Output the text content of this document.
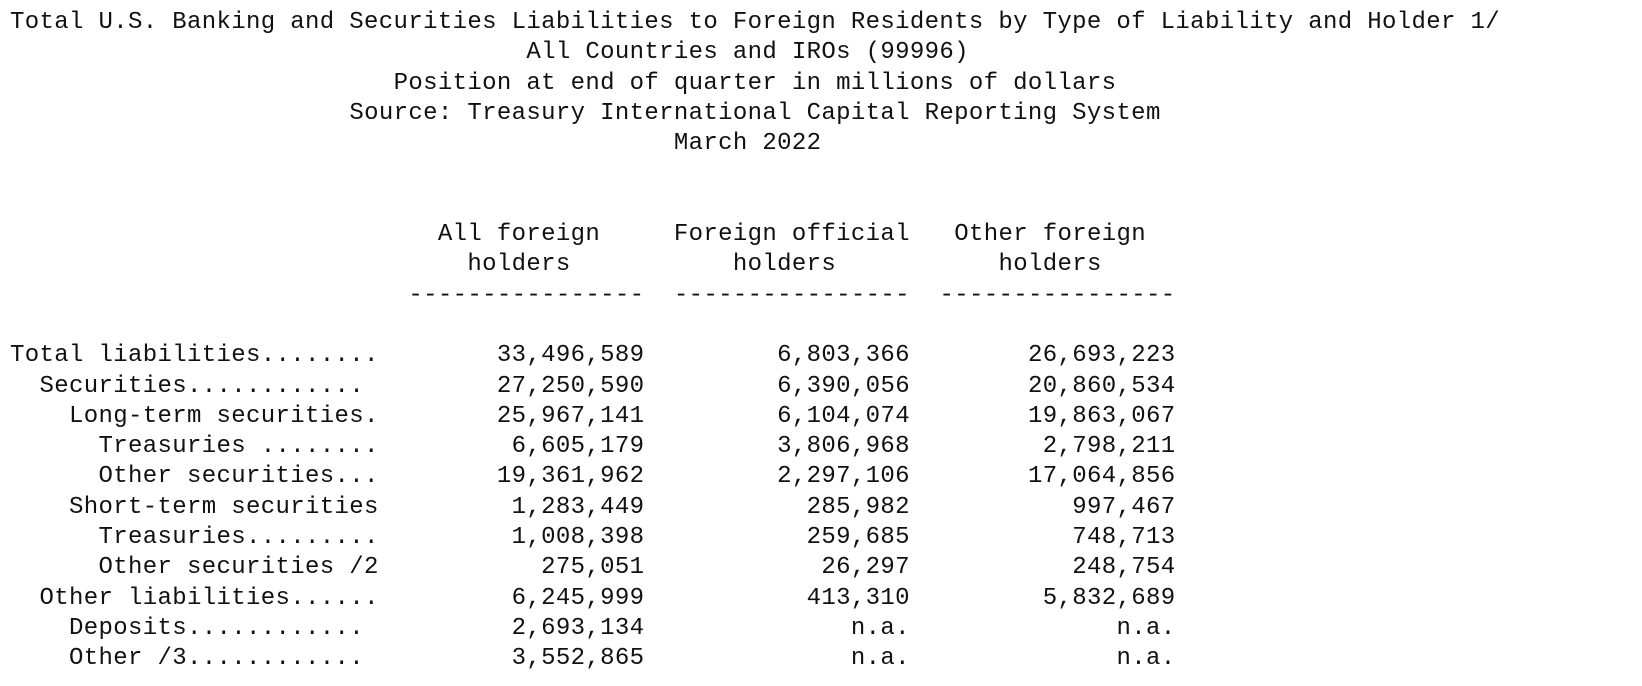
Total U.S. Banking and Securities Liabilities to Foreign Residents by Type of Liability and Holder 1/
All Countries and IROs (99996)
Position at end of quarter in millions of dollars
Source: Treasury International Capital Reporting System
March 2022

All foreign	Foreign official Other foreign
holders	holders	holders
---------------- ---------------- ----------------

Total liabilities........	33,496,589	6,803,366	26,693,223
Securities............	27,250,590	6,390,056	20,860,534
Long-term securities.	25,967,141	6,104,074	19,863,067
Treasuries ........	6,605,179	3,806,968	2,798,211
Other securities...	19,361,962	2,297,106	17,064,856
Short-term securities	1,283,449	285,982	997,467
Treasuries.........	1,008,398	259,685	748,713
Other securities /2	275,051	26,297	248,754
Other liabilities......	6,245,999	413,310	5,832,689
Deposits............	2,693,134	n.a.	n.a.
Other /3............	3,552,865	n.a.	n.a.
